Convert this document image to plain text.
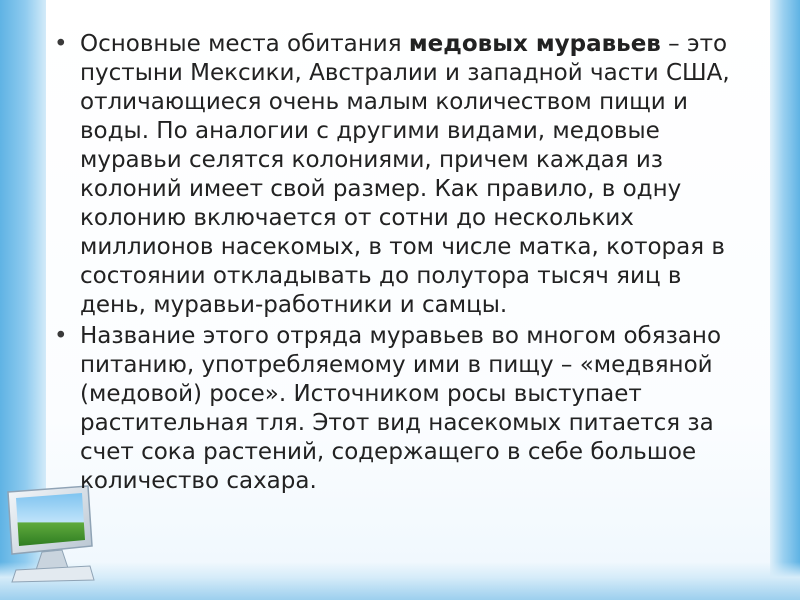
• Основные места обитания медовых муравьев – это пустыни Мексики, Австралии и западной части США, отличающиеся очень малым количеством пищи и воды. По аналогии с другими видами, медовые муравьи селятся колониями, причем каждая из колоний имеет свой размер. Как правило, в одну колонию включается от сотни до нескольких миллионов насекомых, в том числе матка, которая в состоянии откладывать до полутора тысяч яиц в день, муравьи-работники и самцы.
• Название этого отряда муравьев во многом обязано питанию, употребляемому ими в пищу – «медвяной (медовой) росе». Источником росы выступает растительная тля. Этот вид насекомых питается за счет сока растений, содержащего в себе большое количество сахара.
